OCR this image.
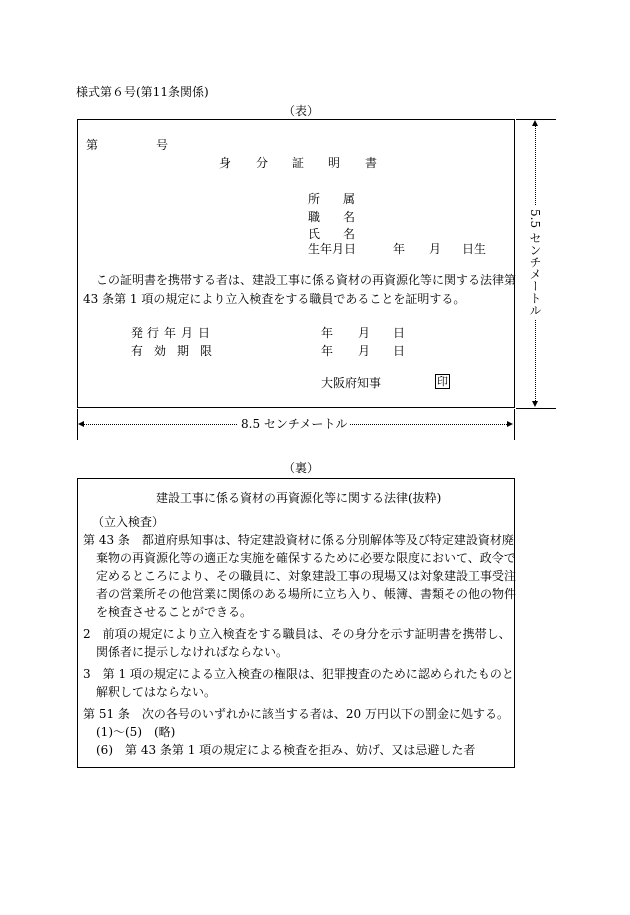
様式第６号(第11条関係)
（表）
第	号
身 分 証 明 書
所 属
職 名
氏 名
生年月日	年 月 日生
この証明書を携帯する者は、建設工事に係る資材の再資源化等に関する法律第
43 条第 1 項の規定により立入検査をする職員であることを証明する。
発 行 年 月 日	年 月 日
有 効 期 限	年 月 日
大阪府知事	印
5.5 センチメートル
8.5 センチメートル
（裏）
建設工事に係る資材の再資源化等に関する法律(抜粋)
（立入検査）
第 43 条　都道府県知事は、特定建設資材に係る分別解体等及び特定建設資材廃
棄物の再資源化等の適正な実施を確保するために必要な限度において、政令で
定めるところにより、その職員に、対象建設工事の現場又は対象建設工事受注
者の営業所その他営業に関係のある場所に立ち入り、帳簿、書類その他の物件
を検査させることができる。
2　前項の規定により立入検査をする職員は、その身分を示す証明書を携帯し、
関係者に提示しなければならない。
3　第 1 項の規定による立入検査の権限は、犯罪捜査のために認められたものと
解釈してはならない。
第 51 条　次の各号のいずれかに該当する者は、20 万円以下の罰金に処する。
(1)～(5)　(略)
(6)　第 43 条第 1 項の規定による検査を拒み、妨げ、又は忌避した者
